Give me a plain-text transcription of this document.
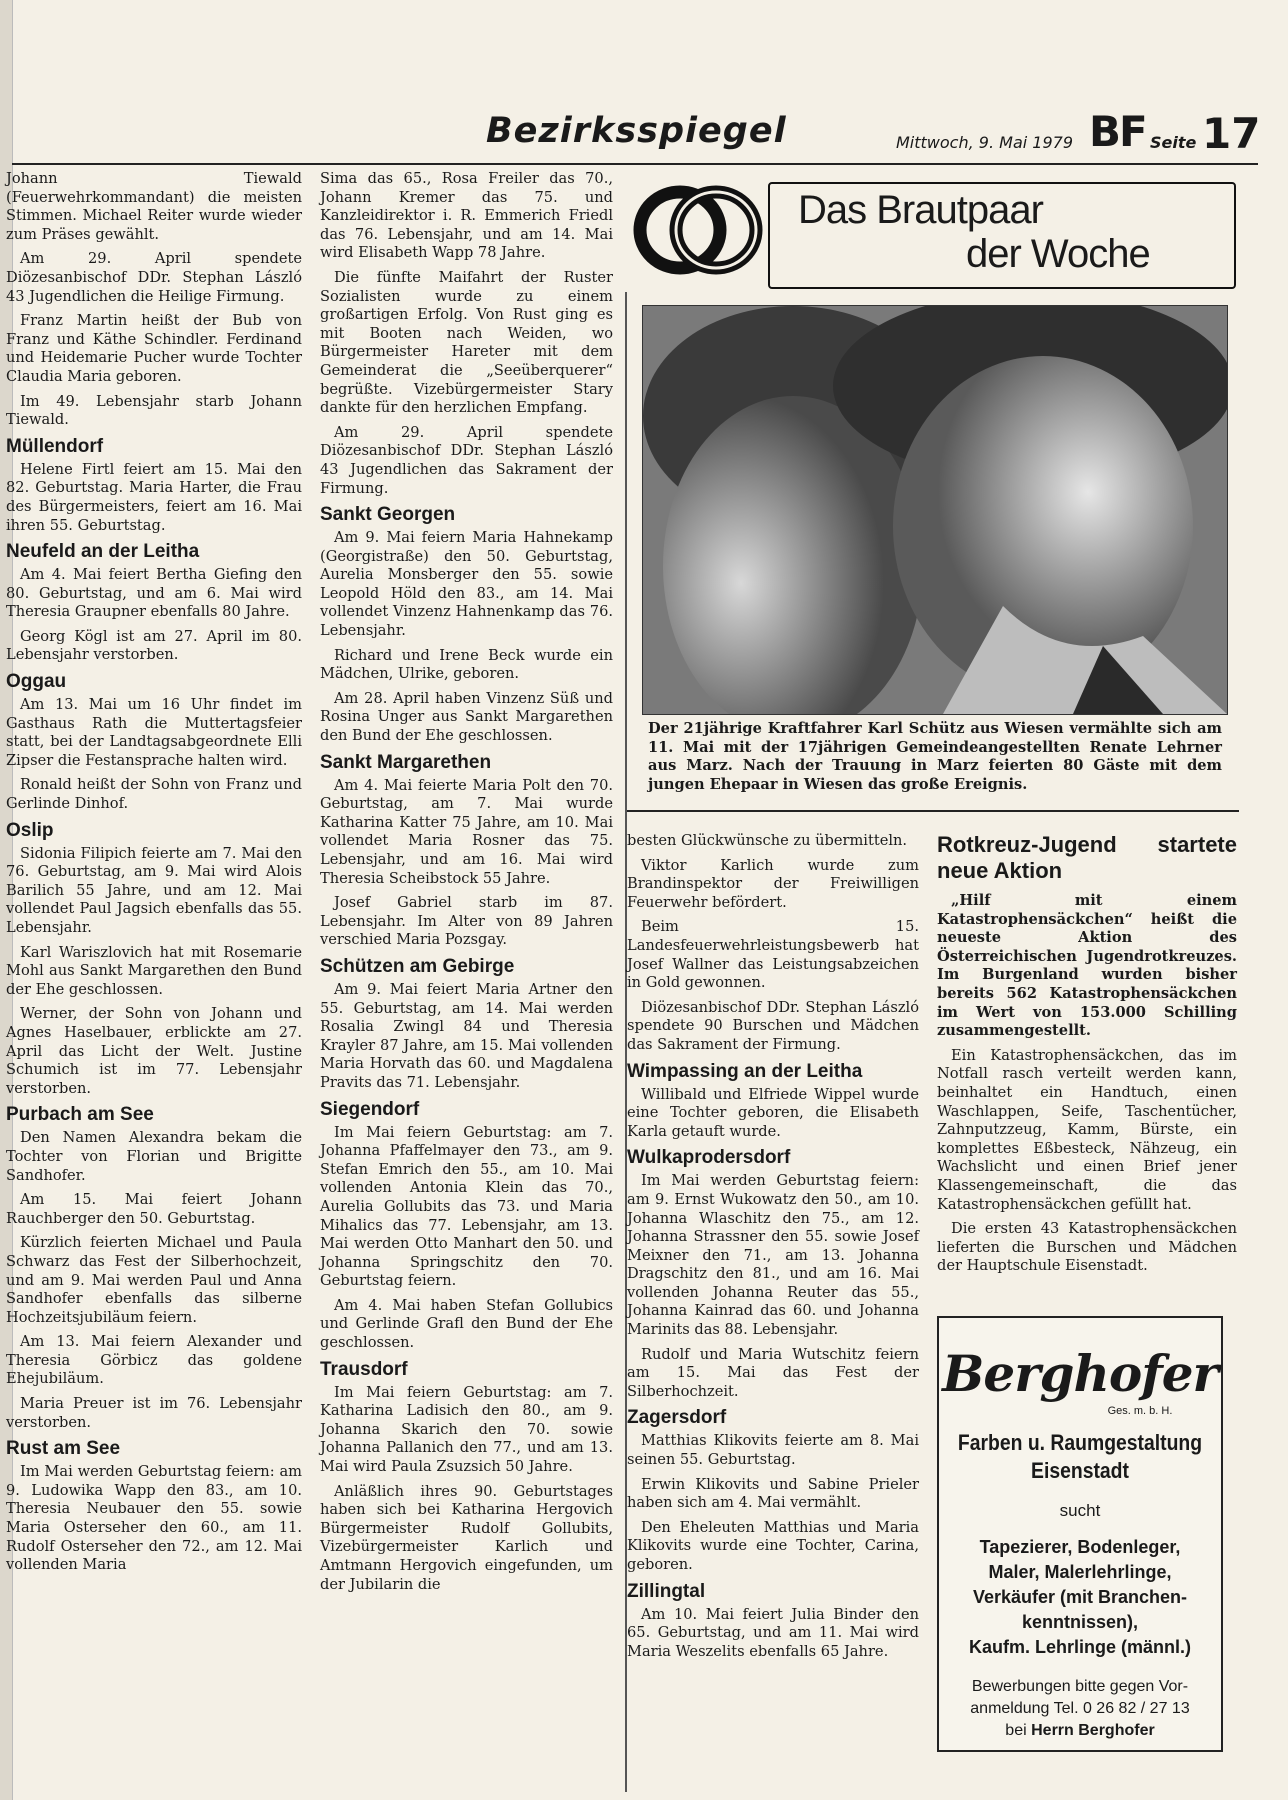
Bezirksspiegel	Mittwoch, 9. Mai 1979 BF Seite 17

Johann Tiewald (Feuerwehrkommandant) die meisten Stimmen. Michael Reiter wurde wieder zum Präses gewählt.

Am 29. April spendete Diözesanbischof DDr. Stephan László 43 Jugendlichen die Heilige Firmung.

Franz Martin heißt der Bub von Franz und Käthe Schindler. Ferdinand und Heidemarie Pucher wurde Tochter Claudia Maria geboren.

Im 49. Lebensjahr starb Johann Tiewald.

Müllendorf

Helene Firtl feiert am 15. Mai den 82. Geburtstag. Maria Harter, die Frau des Bürgermeisters, feiert am 16. Mai ihren 55. Geburtstag.

Neufeld an der Leitha

Am 4. Mai feiert Bertha Giefing den 80. Geburtstag, und am 6. Mai wird Theresia Graupner ebenfalls 80 Jahre.

Georg Kögl ist am 27. April im 80. Lebensjahr verstorben.

Oggau

Am 13. Mai um 16 Uhr findet im Gasthaus Rath die Muttertagsfeier statt, bei der Landtagsabgeordnete Elli Zipser die Festansprache halten wird.

Ronald heißt der Sohn von Franz und Gerlinde Dinhof.

Oslip

Sidonia Filipich feierte am 7. Mai den 76. Geburtstag, am 9. Mai wird Alois Barilich 55 Jahre, und am 12. Mai vollendet Paul Jagsich ebenfalls das 55. Lebensjahr.

Karl Wariszlovich hat mit Rosemarie Mohl aus Sankt Margarethen den Bund der Ehe geschlossen.

Werner, der Sohn von Johann und Agnes Haselbauer, erblickte am 27. April das Licht der Welt. Justine Schumich ist im 77. Lebensjahr verstorben.

Purbach am See

Den Namen Alexandra bekam die Tochter von Florian und Brigitte Sandhofer.

Am 15. Mai feiert Johann Rauchberger den 50. Geburtstag.

Kürzlich feierten Michael und Paula Schwarz das Fest der Silberhochzeit, und am 9. Mai werden Paul und Anna Sandhofer ebenfalls das silberne Hochzeitsjubiläum feiern.

Am 13. Mai feiern Alexander und Theresia Görbicz das goldene Ehejubiläum.

Maria Preuer ist im 76. Lebensjahr verstorben.

Rust am See

Im Mai werden Geburtstag feiern: am 9. Ludowika Wapp den 83., am 10. Theresia Neubauer den 55. sowie Maria Osterseher den 60., am 11. Rudolf Osterseher den 72., am 12. Mai vollenden Maria

Sima das 65., Rosa Freiler das 70., Johann Kremer das 75. und Kanzleidirektor i. R. Emmerich Friedl das 76. Lebensjahr, und am 14. Mai wird Elisabeth Wapp 78 Jahre.

Die fünfte Maifahrt der Ruster Sozialisten wurde zu einem großartigen Erfolg. Von Rust ging es mit Booten nach Weiden, wo Bürgermeister Hareter mit dem Gemeinderat die „Seeüberquerer“ begrüßte. Vizebürgermeister Stary dankte für den herzlichen Empfang.

Am 29. April spendete Diözesanbischof DDr. Stephan László 43 Jugendlichen das Sakrament der Firmung.

Sankt Georgen

Am 9. Mai feiern Maria Hahnekamp (Georgistraße) den 50. Geburtstag, Aurelia Monsberger den 55. sowie Leopold Höld den 83., am 14. Mai vollendet Vinzenz Hahnenkamp das 76. Lebensjahr.

Richard und Irene Beck wurde ein Mädchen, Ulrike, geboren.

Am 28. April haben Vinzenz Süß und Rosina Unger aus Sankt Margarethen den Bund der Ehe geschlossen.

Sankt Margarethen

Am 4. Mai feierte Maria Polt den 70. Geburtstag, am 7. Mai wurde Katharina Katter 75 Jahre, am 10. Mai vollendet Maria Rosner das 75. Lebensjahr, und am 16. Mai wird Theresia Scheibstock 55 Jahre.

Josef Gabriel starb im 87. Lebensjahr. Im Alter von 89 Jahren verschied Maria Pozsgay.

Schützen am Gebirge

Am 9. Mai feiert Maria Artner den 55. Geburtstag, am 14. Mai werden Rosalia Zwingl 84 und Theresia Krayler 87 Jahre, am 15. Mai vollenden Maria Horvath das 60. und Magdalena Pravits das 71. Lebensjahr.

Siegendorf

Im Mai feiern Geburtstag: am 7. Johanna Pfaffelmayer den 73., am 9. Stefan Emrich den 55., am 10. Mai vollenden Antonia Klein das 70., Aurelia Gollubits das 73. und Maria Mihalics das 77. Lebensjahr, am 13. Mai werden Otto Manhart den 50. und Johanna Springschitz den 70. Geburtstag feiern.

Am 4. Mai haben Stefan Gollubics und Gerlinde Grafl den Bund der Ehe geschlossen.

Trausdorf

Im Mai feiern Geburtstag: am 7. Katharina Ladisich den 80., am 9. Johanna Skarich den 70. sowie Johanna Pallanich den 77., und am 13. Mai wird Paula Zsuzsich 50 Jahre.

Anläßlich ihres 90. Geburtstages haben sich bei Katharina Hergovich Bürgermeister Rudolf Gollubits, Vizebürgermeister Karlich und Amtmann Hergovich eingefunden, um der Jubilarin die

Das Brautpaar
der Woche
Der 21jährige Kraftfahrer Karl Schütz aus Wiesen vermählte sich am 11. Mai mit der 17jährigen Gemeindeangestellten Renate Lehrner aus Marz. Nach der Trauung in Marz feierten 80 Gäste mit dem jungen Ehepaar in Wiesen das große Ereignis.

besten Glückwünsche zu übermitteln.

Viktor Karlich wurde zum Brandinspektor der Freiwilligen Feuerwehr befördert.

Beim 15. Landesfeuerwehrleistungsbewerb hat Josef Wallner das Leistungsabzeichen in Gold gewonnen.

Diözesanbischof DDr. Stephan László spendete 90 Burschen und Mädchen das Sakrament der Firmung.

Wimpassing an der Leitha

Willibald und Elfriede Wippel wurde eine Tochter geboren, die Elisabeth Karla getauft wurde.

Wulkaprodersdorf

Im Mai werden Geburtstag feiern: am 9. Ernst Wukowatz den 50., am 10. Johanna Wlaschitz den 75., am 12. Johanna Strassner den 55. sowie Josef Meixner den 71., am 13. Johanna Dragschitz den 81., und am 16. Mai vollenden Johanna Reuter das 55., Johanna Kainrad das 60. und Johanna Marinits das 88. Lebensjahr.

Rudolf und Maria Wutschitz feiern am 15. Mai das Fest der Silberhochzeit.

Zagersdorf

Matthias Klikovits feierte am 8. Mai seinen 55. Geburtstag.

Erwin Klikovits und Sabine Prieler haben sich am 4. Mai vermählt.

Den Eheleuten Matthias und Maria Klikovits wurde eine Tochter, Carina, geboren.

Zillingtal

Am 10. Mai feiert Julia Binder den 65. Geburtstag, und am 11. Mai wird Maria Weszelits ebenfalls 65 Jahre.

Rotkreuz-Jugend startete neue Aktion

„Hilf mit einem Katastrophensäckchen“ heißt die neueste Aktion des Österreichischen Jugendrotkreuzes. Im Burgenland wurden bisher bereits 562 Katastrophensäckchen im Wert von 153.000 Schilling zusammengestellt.

Ein Katastrophensäckchen, das im Notfall rasch verteilt werden kann, beinhaltet ein Handtuch, einen Waschlappen, Seife, Taschentücher, Zahnputzzeug, Kamm, Bürste, ein komplettes Eßbesteck, Nähzeug, ein Wachslicht und einen Brief jener Klassengemeinschaft, die das Katastrophensäckchen gefüllt hat.

Die ersten 43 Katastrophensäckchen lieferten die Burschen und Mädchen der Hauptschule Eisenstadt.

Berghofer
Ges. m. b. H.
Farben u. Raumgestaltung
Eisenstadt
sucht
Tapezierer, Bodenleger,
Maler, Malerlehrlinge,
Verkäufer (mit Branchen-
kenntnissen),
Kaufm. Lehrlinge (männl.)
Bewerbungen bitte gegen Vor-
anmeldung Tel. 0 26 82 / 27 13
bei Herrn Berghofer
